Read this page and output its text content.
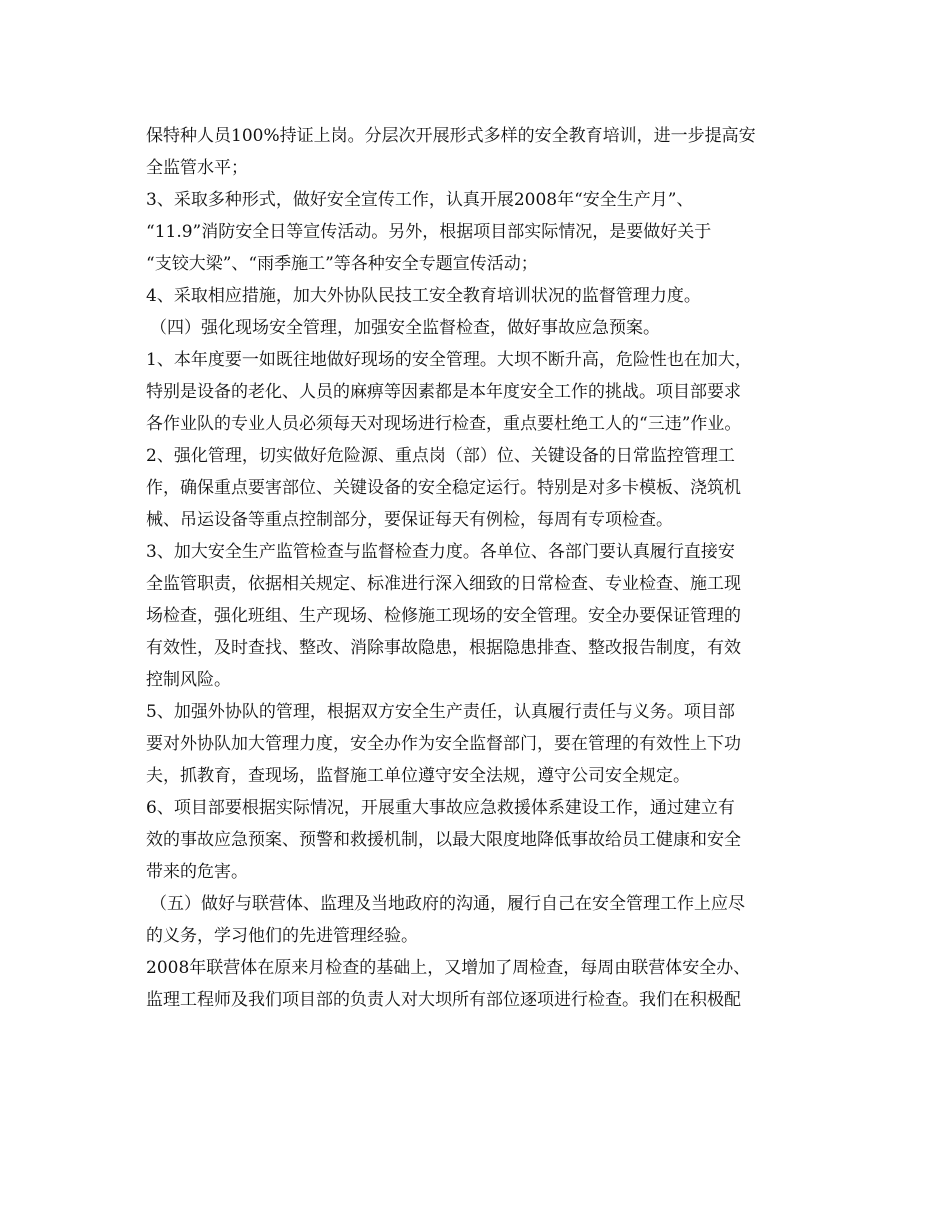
保特种人员100%持证上岗。分层次开展形式多样的安全教育培训，进一步提高安
全监管水平；
3、采取多种形式，做好安全宣传工作，认真开展2008年“安全生产月”、
“11.9”消防安全日等宣传活动。另外，根据项目部实际情况，是要做好关于
“支铰大梁”、“雨季施工”等各种安全专题宣传活动；
4、采取相应措施，加大外协队民技工安全教育培训状况的监督管理力度。
（四）强化现场安全管理，加强安全监督检查，做好事故应急预案。
1、本年度要一如既往地做好现场的安全管理。大坝不断升高，危险性也在加大，
特别是设备的老化、人员的麻痹等因素都是本年度安全工作的挑战。项目部要求
各作业队的专业人员必须每天对现场进行检查，重点要杜绝工人的“三违”作业。
2、强化管理，切实做好危险源、重点岗（部）位、关键设备的日常监控管理工
作，确保重点要害部位、关键设备的安全稳定运行。特别是对多卡模板、浇筑机
械、吊运设备等重点控制部分，要保证每天有例检，每周有专项检查。
3、加大安全生产监管检查与监督检查力度。各单位、各部门要认真履行直接安
全监管职责，依据相关规定、标准进行深入细致的日常检查、专业检查、施工现
场检查，强化班组、生产现场、检修施工现场的安全管理。安全办要保证管理的
有效性，及时查找、整改、消除事故隐患，根据隐患排查、整改报告制度，有效
控制风险。
5、加强外协队的管理，根据双方安全生产责任，认真履行责任与义务。项目部
要对外协队加大管理力度，安全办作为安全监督部门，要在管理的有效性上下功
夫，抓教育，查现场，监督施工单位遵守安全法规，遵守公司安全规定。
6、项目部要根据实际情况，开展重大事故应急救援体系建设工作，通过建立有
效的事故应急预案、预警和救援机制，以最大限度地降低事故给员工健康和安全
带来的危害。
（五）做好与联营体、监理及当地政府的沟通，履行自己在安全管理工作上应尽
的义务，学习他们的先进管理经验。
2008年联营体在原来月检查的基础上，又增加了周检查，每周由联营体安全办、
监理工程师及我们项目部的负责人对大坝所有部位逐项进行检查。我们在积极配
